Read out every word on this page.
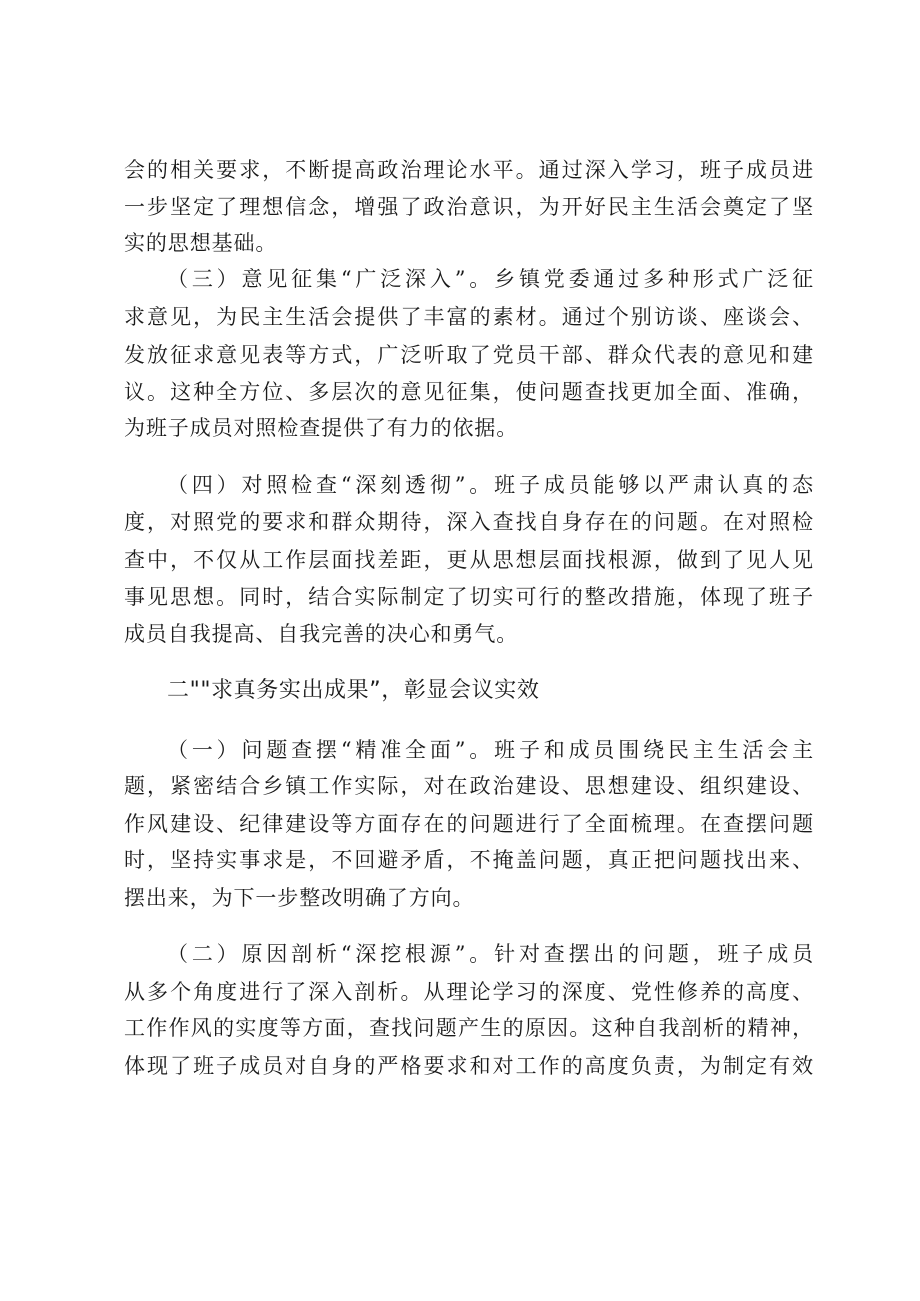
会的相关要求，不断提高政治理论水平。通过深入学习，班子成员进
一步坚定了理想信念，增强了政治意识，为开好民主生活会奠定了坚
实的思想基础。
（三）意见征集“广泛深入”。乡镇党委通过多种形式广泛征
求意见，为民主生活会提供了丰富的素材。通过个别访谈、座谈会、
发放征求意见表等方式，广泛听取了党员干部、群众代表的意见和建
议。这种全方位、多层次的意见征集，使问题查找更加全面、准确，
为班子成员对照检查提供了有力的依据。
（四）对照检查“深刻透彻”。班子成员能够以严肃认真的态
度，对照党的要求和群众期待，深入查找自身存在的问题。在对照检
查中，不仅从工作层面找差距，更从思想层面找根源，做到了见人见
事见思想。同时，结合实际制定了切实可行的整改措施，体现了班子
成员自我提高、自我完善的决心和勇气。
二""求真务实出成果”，彰显会议实效
（一）问题查摆“精准全面”。班子和成员围绕民主生活会主
题，紧密结合乡镇工作实际，对在政治建设、思想建设、组织建设、
作风建设、纪律建设等方面存在的问题进行了全面梳理。在查摆问题
时，坚持实事求是，不回避矛盾，不掩盖问题，真正把问题找出来、
摆出来，为下一步整改明确了方向。
（二）原因剖析“深挖根源”。针对查摆出的问题，班子成员
从多个角度进行了深入剖析。从理论学习的深度、党性修养的高度、
工作作风的实度等方面，查找问题产生的原因。这种自我剖析的精神，
体现了班子成员对自身的严格要求和对工作的高度负责，为制定有效
